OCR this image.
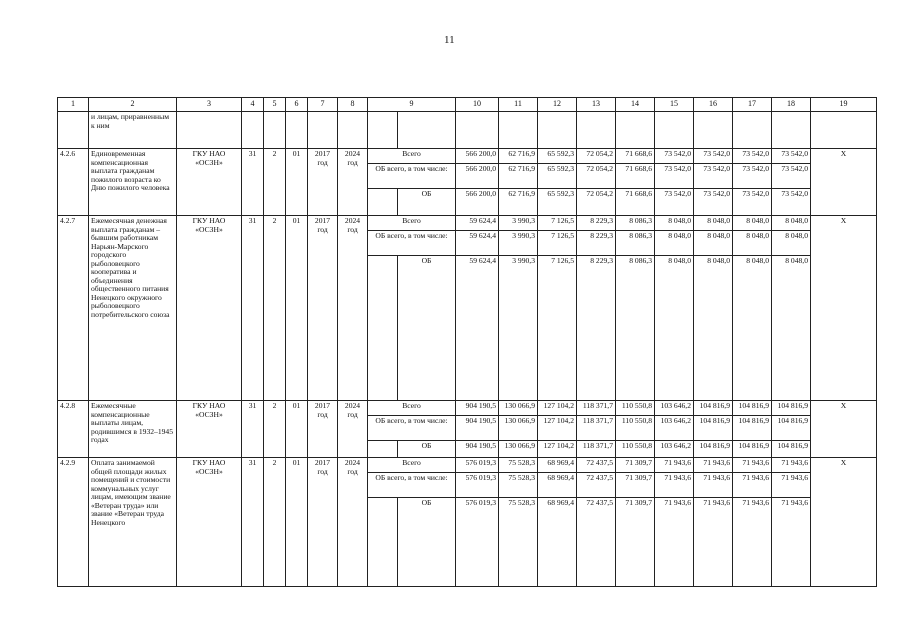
11
1	2	3	4	5	6	7	8	9		10	11	12	13	14	15	16	17	18	19
	и лицам, приравненным к ним																		
4.2.6	Единовременная компенсационная выплата гражданам пожилого возраста ко Дню пожилого человека	ГКУ НАО «ОСЗН»	31	2	01	2017 год	2024 год	Всего		566 200,0	62 716,9	65 592,3	72 054,2	71 668,6	73 542,0	73 542,0	73 542,0	73 542,0	X
								ОБ всего, в том числе:		566 200,0	62 716,9	65 592,3	72 054,2	71 668,6	73 542,0	73 542,0	73 542,0	73 542,0	
									ОБ	566 200,0	62 716,9	65 592,3	72 054,2	71 668,6	73 542,0	73 542,0	73 542,0	73 542,0	
4.2.7	Ежемесячная денежная выплата гражданам – бывшим работникам Нарьян-Марского городского рыболовецкого кооператива и объединения общественного питания Ненецкого окружного рыболовецкого потребительского союза	ГКУ НАО «ОСЗН»	31	2	01	2017 год	2024 год	Всего		59 624,4	3 990,3	7 126,5	8 229,3	8 086,3	8 048,0	8 048,0	8 048,0	8 048,0	X
								ОБ всего, в том числе:		59 624,4	3 990,3	7 126,5	8 229,3	8 086,3	8 048,0	8 048,0	8 048,0	8 048,0	
									ОБ	59 624,4	3 990,3	7 126,5	8 229,3	8 086,3	8 048,0	8 048,0	8 048,0	8 048,0	
4.2.8	Ежемесячные компенсационные выплаты лицам, родившимся в 1932–1945 годах	ГКУ НАО «ОСЗН»	31	2	01	2017 год	2024 год	Всего		904 190,5	130 066,9	127 104,2	118 371,7	110 550,8	103 646,2	104 816,9	104 816,9	104 816,9	X
								ОБ всего, в том числе:		904 190,5	130 066,9	127 104,2	118 371,7	110 550,8	103 646,2	104 816,9	104 816,9	104 816,9	
									ОБ	904 190,5	130 066,9	127 104,2	118 371,7	110 550,8	103 646,2	104 816,9	104 816,9	104 816,9	
4.2.9	Оплата занимаемой общей площади жилых помещений и стоимости коммунальных услуг лицам, имеющим звание «Ветеран труда» или звание «Ветеран труда Ненецкого	ГКУ НАО «ОСЗН»	31	2	01	2017 год	2024 год	Всего		576 019,3	75 528,3	68 969,4	72 437,5	71 309,7	71 943,6	71 943,6	71 943,6	71 943,6	X
								ОБ всего, в том числе:		576 019,3	75 528,3	68 969,4	72 437,5	71 309,7	71 943,6	71 943,6	71 943,6	71 943,6	
									ОБ	576 019,3	75 528,3	68 969,4	72 437,5	71 309,7	71 943,6	71 943,6	71 943,6	71 943,6	
